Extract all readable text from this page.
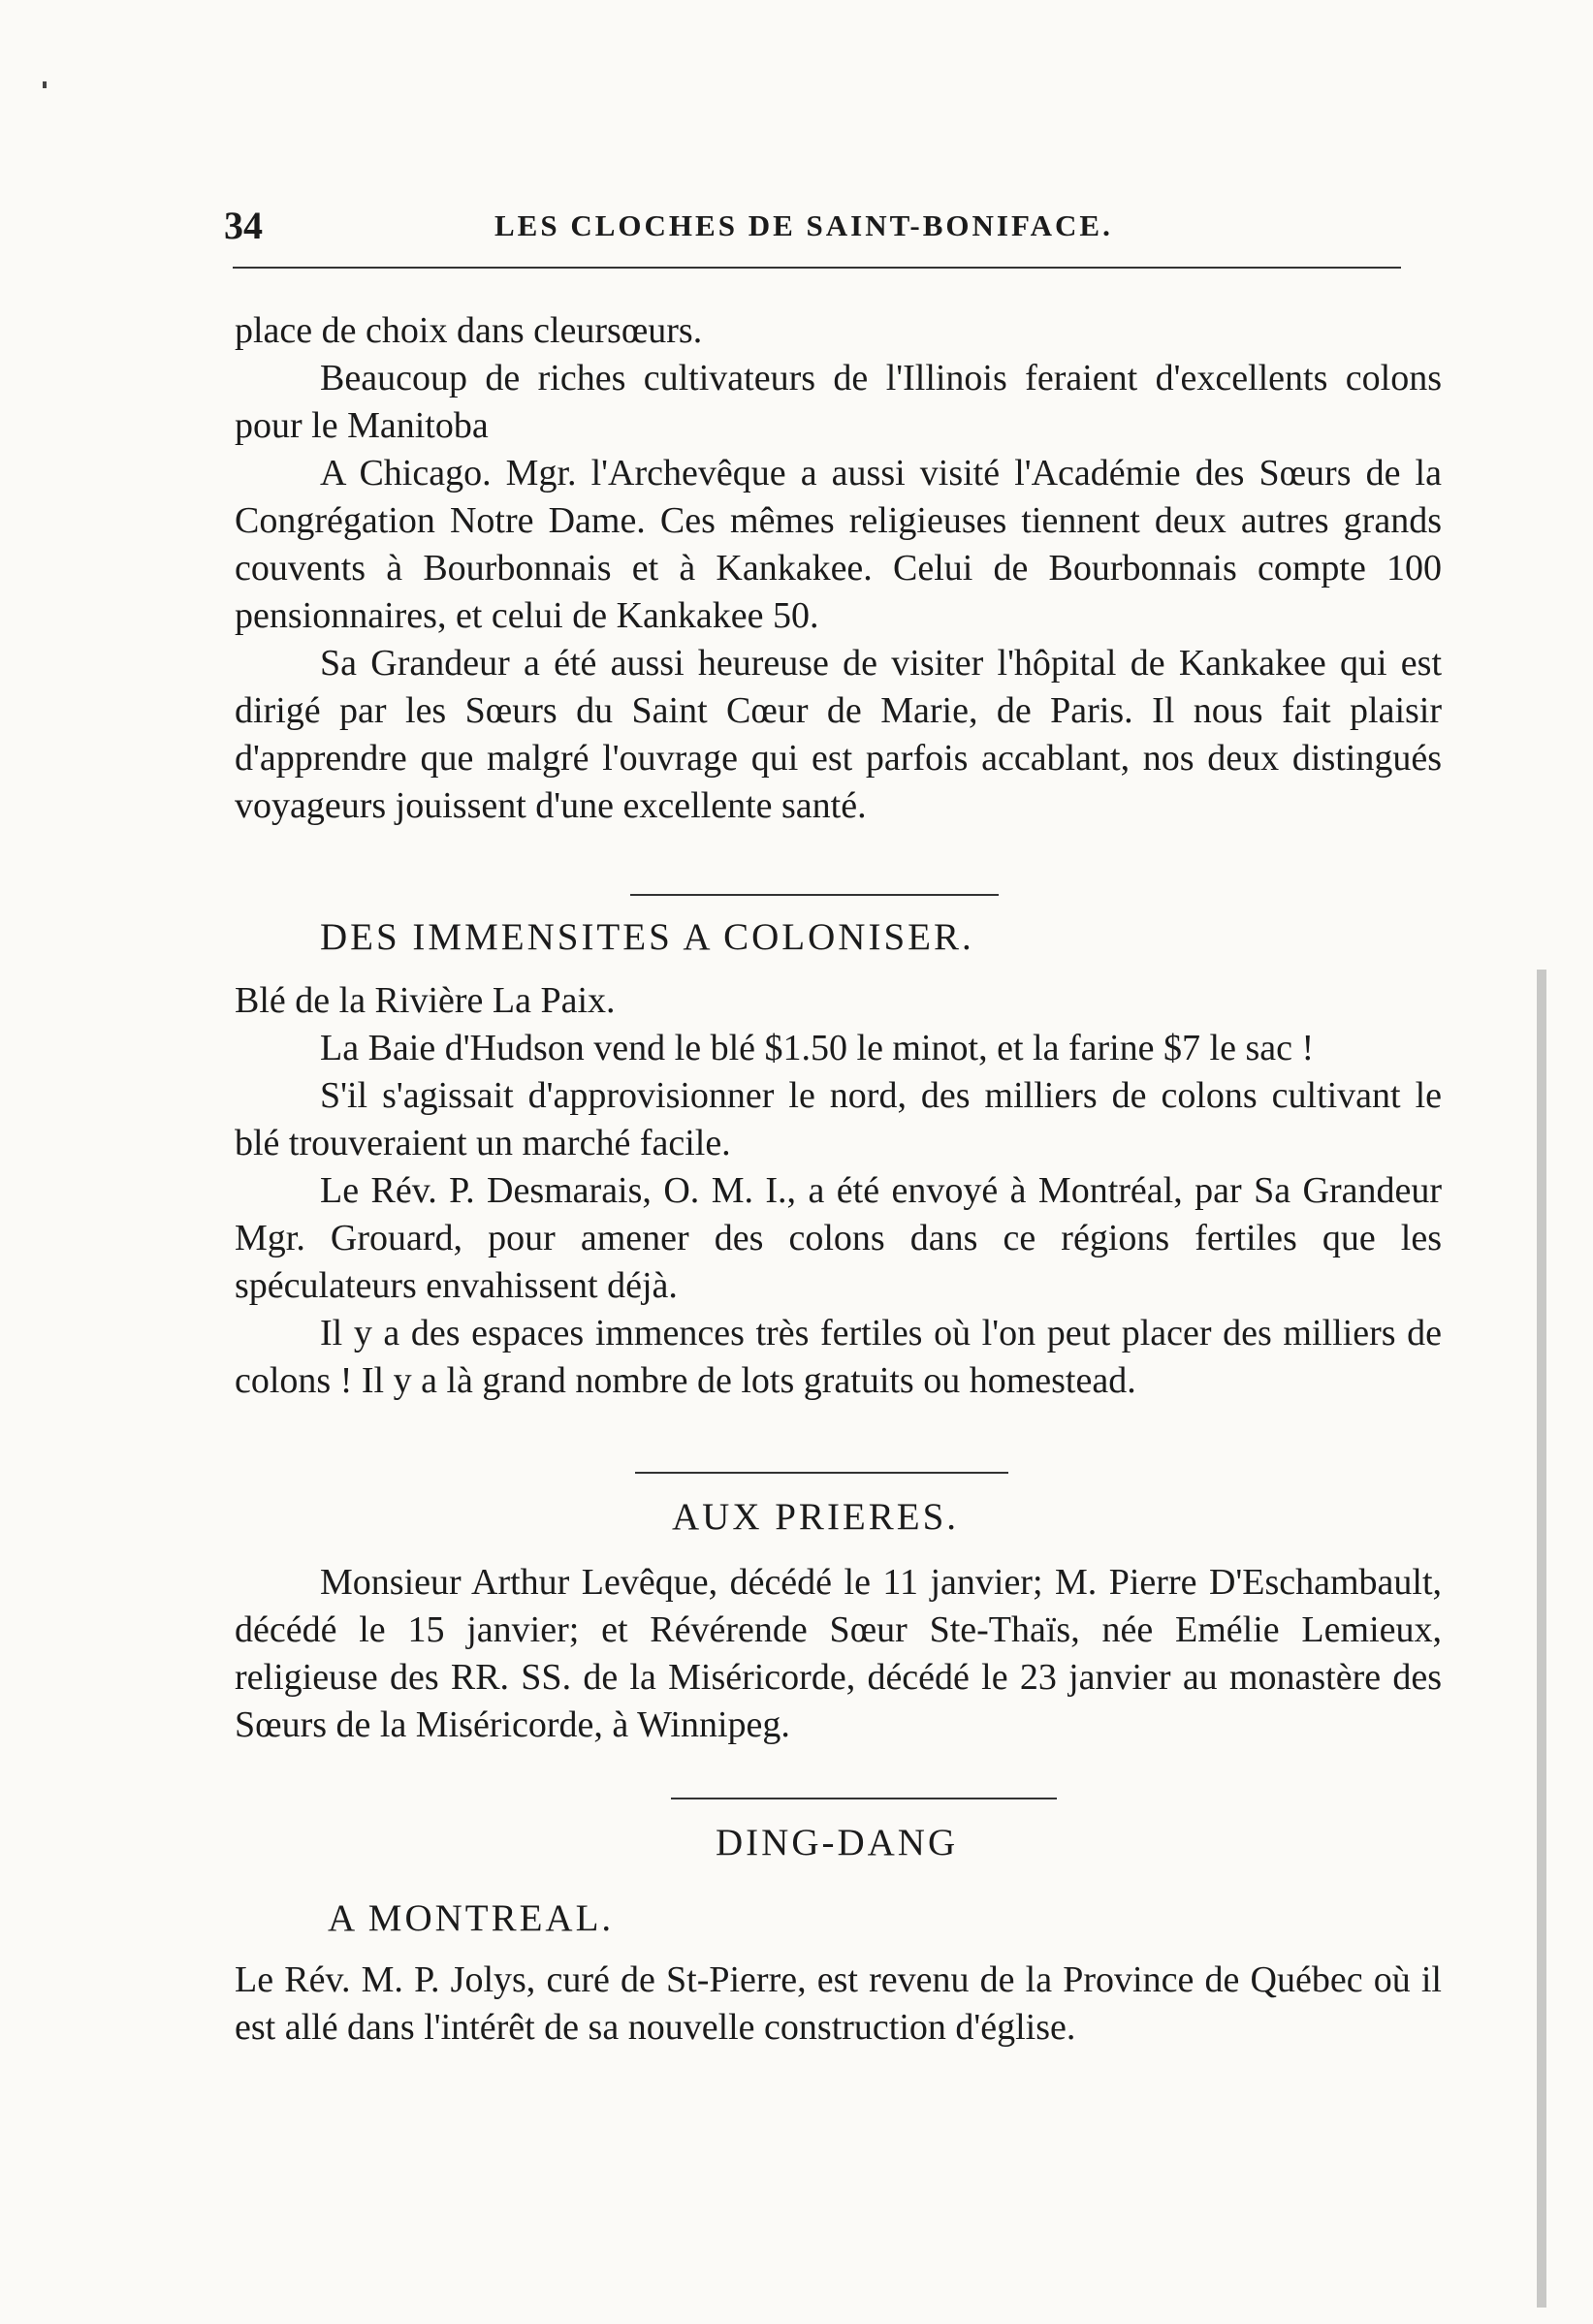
34	LES CLOCHES DE SAINT-BONIFACE.

place de choix dans cleursœurs.

Beaucoup de riches cultivateurs de l'Illinois feraient d'excellents colons pour le Manitoba

A Chicago. Mgr. l'Archevêque a aussi visité l'Académie des Sœurs de la Congrégation Notre Dame. Ces mêmes religieuses tiennent deux autres grands couvents à Bourbonnais et à Kankakee. Celui de Bourbonnais compte 100 pensionnaires, et celui de Kankakee 50.

Sa Grandeur a été aussi heureuse de visiter l'hôpital de Kankakee qui est dirigé par les Sœurs du Saint Cœur de Marie, de Paris. Il nous fait plaisir d'apprendre que malgré l'ouvrage qui est parfois accablant, nos deux distingués voyageurs jouissent d'une excellente santé.

DES IMMENSITES A COLONISER.

Blé de la Rivière La Paix.

La Baie d'Hudson vend le blé $1.50 le minot, et la farine $7 le sac !

S'il s'agissait d'approvisionner le nord, des milliers de colons cultivant le blé trouveraient un marché facile.

Le Rév. P. Desmarais, O. M. I., a été envoyé à Montréal, par Sa Grandeur Mgr. Grouard, pour amener des colons dans ce régions fertiles que les spéculateurs envahissent déjà.

Il y a des espaces immences très fertiles où l'on peut placer des milliers de colons ! Il y a là grand nombre de lots gratuits ou homestead.

AUX PRIERES.

Monsieur Arthur Levêque, décédé le 11 janvier; M. Pierre D'Eschambault, décédé le 15 janvier; et Révérende Sœur Ste-Thaïs, née Emélie Lemieux, religieuse des RR. SS. de la Miséricorde, décédé le 23 janvier au monastère des Sœurs de la Miséricorde, à Winnipeg.

DING-DANG
A MONTREAL.

Le Rév. M. P. Jolys, curé de St-Pierre, est revenu de la Province de Québec où il est allé dans l'intérêt de sa nouvelle construction d'église.
